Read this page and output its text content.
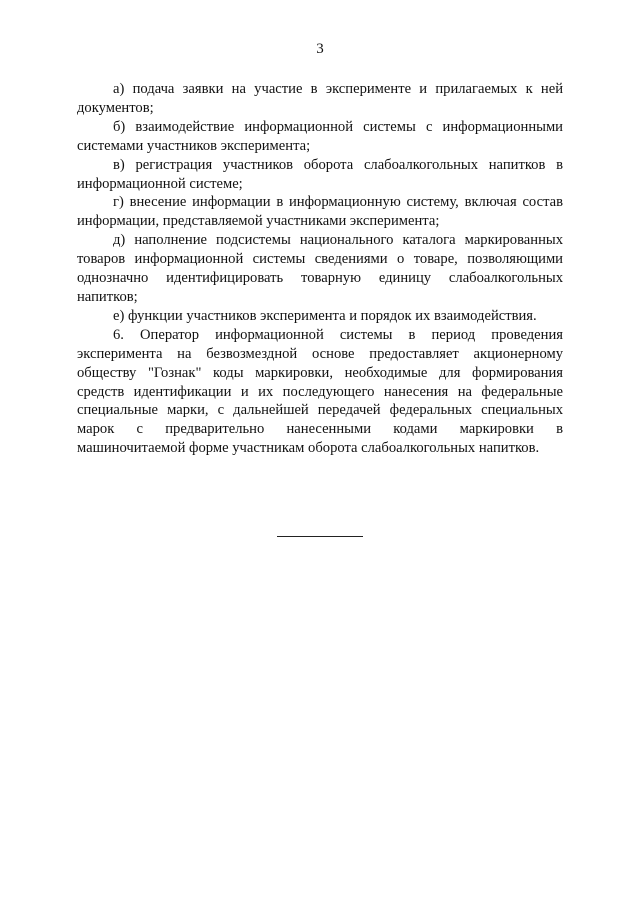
3

а) подача заявки на участие в эксперименте и прилагаемых к ней документов;

б) взаимодействие информационной системы с информационными системами участников эксперимента;

в) регистрация участников оборота слабоалкогольных напитков в информационной системе;

г) внесение информации в информационную систему, включая состав информации, представляемой участниками эксперимента;

д) наполнение подсистемы национального каталога маркированных товаров информационной системы сведениями о товаре, позволяющими однозначно идентифицировать товарную единицу слабоалкогольных напитков;

е) функции участников эксперимента и порядок их взаимодействия.

6. Оператор информационной системы в период проведения эксперимента на безвозмездной основе предоставляет акционерному обществу "Гознак" коды маркировки, необходимые для формирования средств идентификации и их последующего нанесения на федеральные специальные марки, с дальнейшей передачей федеральных специальных марок с предварительно нанесенными кодами маркировки в машиночитаемой форме участникам оборота слабоалкогольных напитков.
